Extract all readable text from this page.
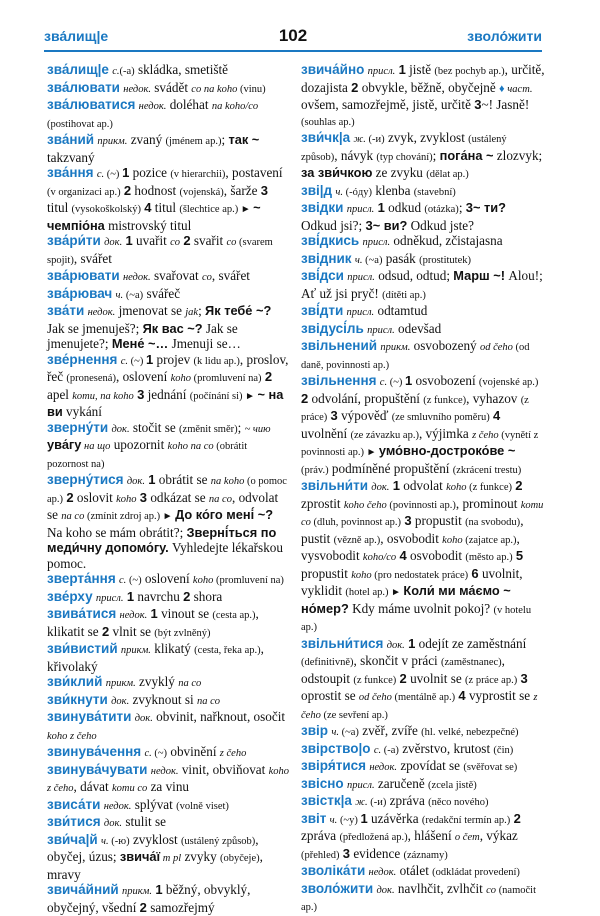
зва́лищ|е	102	зволо́жити
зва́лищ|е с.(-а) skládka, smetiště
зва́лювати недок. svádět co na koho (vinu)
зва́люватися недок. doléhat na koho/co (postihovat ap.)
зва́ний прикм. zvaný (jménem ap.); так ~ takzvaný
зва́ння с. (~) 1 pozice (v hierarchii), postavení (v organizaci ap.) 2 hodnost (vojenská), šarže 3 titul (vysokoškolský) 4 titul (šlechtice ap.) ► ~ чемпіо́на mistrovský titul
зва́ри́ти док. 1 uvařit co 2 svařit co (svarem spojit), svářet
зва́рювати недок. svařovat co, svářet
зва́рювач ч. (~а) svářeč
зва́ти недок. jmenovat se jak; Як тебе́ ~? Jak se jmenuješ?; Як вас ~? Jak se jmenujete?; Мене́ ~… Jmenuji se…
зве́рнення с. (~) 1 projev (k lidu ap.), proslov, řeč (pronesená), oslovení koho (promluvení na) 2 apel komu, na koho 3 jednání (počínání si) ► ~ на ви vykání
зверну́ти док. stočit se (změnit směr); ~ чию ува́гу на що upozornit koho na co (obrátit pozornost na)
зверну́тися док. 1 obrátit se na koho (o pomoc ap.) 2 oslovit koho 3 odkázat se na co, odvolat se na co (zmínit zdroj ap.) ► До ко́го мені́ ~? Na koho se mám obrátit?; Зверні́ться по меди́чну допомо́гу. Vyhledejte lékařskou pomoc.
зверта́ння с. (~) oslovení koho (promluvení na)
зве́рху присл. 1 navrchu 2 shora
звива́тися недок. 1 vinout se (cesta ap.), klikatit se 2 vlnit se (být zvlněný)
зви́вистий прикм. klikatý (cesta, řeka ap.), křivolaký
зви́клий прикм. zvyklý na co
зви́кнути док. zvyknout si na co
звинува́тити док. obvinit, nařknout, osočit koho z čeho
звинува́чення с. (~) obvinění z čeho
звинува́чувати недок. vinit, obviňovat koho z čeho, dávat komu co za vinu
звиса́ти недок. splývat (volně viset)
зви́тися док. stulit se
зви́ча|й ч. (-ю) zvyklost (ustálený způsob), obyčej, úzus; звича́ї m pl zvyky (obyčeje), mravy
звича́йний прикм. 1 běžný, obvyklý, obyčejný, všední 2 samozřejmý
звича́йно присл. 1 jistě (bez pochyb ap.), určitě, dozajista 2 obvykle, běžně, obyčejně ♦ част. ovšem, samozřejmě, jistě, určitě 3~! Jasně! (souhlas ap.)
зви́чк|а ж. (-и) zvyk, zvyklost (ustálený způsob), návyk (typ chování); пога́на ~ zlozvyk; за зви́чкою ze zvyku (dělat ap.)
зві|д ч. (-óду) klenba (stavební)
звідки присл. 1 odkud (otázka); 3~ ти? Odkud jsi?; 3~ ви? Odkud jste?
зві́дкись присл. odněkud, zčistajasna
звідник ч. (~а) pasák (prostitutek)
зві́дси присл. odsud, odtud; Марш ~! Alou!; Ať už jsi pryč! (dítěti ap.)
зві́дти присл. odtamtud
звідусі́ль присл. odevšad
звільнений прикм. osvobozený od čeho (od daně, povinnosti ap.)
звільнення с. (~) 1 osvobození (vojenské ap.) 2 odvolání, propuštění (z funkce), vyhazov (z práce) 3 výpověď (ze smluvního poměru) 4 uvolnění (ze závazku ap.), výjimka z čeho (vynětí z povinnosti ap.) ► умо́вно-достроко́ве ~ (práv.) podmíněné propuštění (zkrácení trestu)
звільни́ти док. 1 odvolat koho (z funkce) 2 zprostit koho čeho (povinnosti ap.), prominout komu co (dluh, povinnost ap.) 3 propustit (na svobodu), pustit (vězně ap.), osvobodit koho (zajatce ap.), vysvobodit koho/co 4 osvobodit (město ap.) 5 propustit koho (pro nedostatek práce) 6 uvolnit, vyklidit (hotel ap.) ► Коли́ ми ма́ємо ~ но́мер? Kdy máme uvolnit pokoj? (v hotelu ap.)
звільни́тися док. 1 odejít ze zaměstnání (definitivně), skončit v práci (zaměstnanec), odstoupit (z funkce) 2 uvolnit se (z práce ap.) 3 oprostit se od čeho (mentálně ap.) 4 vyprostit se z čeho (ze sevření ap.)
звір ч. (~а) zvěř, zvíře (hl. velké, nebezpečné)
звірство|о с. (-а) zvěrstvo, krutost (čin)
звіря́тися недок. zpovídat se (svěřovat se)
звісно присл. zaručeně (zcela jistě)
звістк|а ж. (-и) zpráva (něco nového)
звіт ч. (~у) 1 uzávěrka (redakční termín ap.) 2 zpráva (předložená ap.), hlášení o čem, výkaz (přehled) 3 evidence (záznamy)
зволіка́ти недок. otálet (odkládat provedení)
зволо́жити док. navlhčit, zvlhčit co (namočit ap.)
